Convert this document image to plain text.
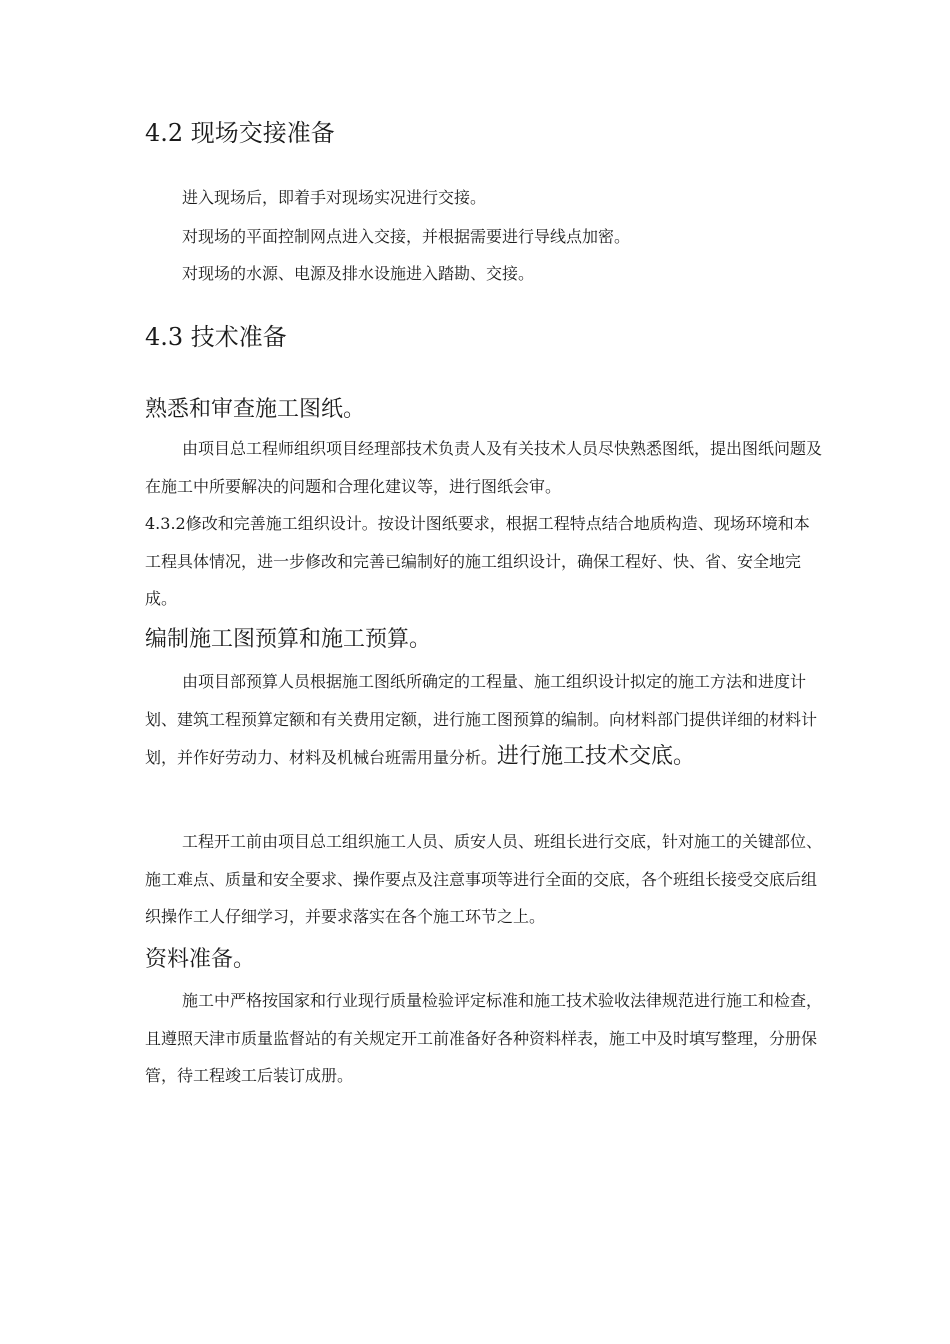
4.2 现场交接准备
进入现场后，即着手对现场实况进行交接。
对现场的平面控制网点进入交接，并根据需要进行导线点加密。
对现场的水源、电源及排水设施进入踏勘、交接。
4.3 技术准备
熟悉和审查施工图纸。
由项目总工程师组织项目经理部技术负责人及有关技术人员尽快熟悉图纸，提出图纸问题及在施工中所要解决的问题和合理化建议等，进行图纸会审。
4.3.2修改和完善施工组织设计。按设计图纸要求，根据工程特点结合地质构造、现场环境和本工程具体情况，进一步修改和完善已编制好的施工组织设计，确保工程好、快、省、安全地完成。
编制施工图预算和施工预算。
由项目部预算人员根据施工图纸所确定的工程量、施工组织设计拟定的施工方法和进度计划、建筑工程预算定额和有关费用定额，进行施工图预算的编制。向材料部门提供详细的材料计划，并作好劳动力、材料及机械台班需用量分析。进行施工技术交底。
工程开工前由项目总工组织施工人员、质安人员、班组长进行交底，针对施工的关键部位、施工难点、质量和安全要求、操作要点及注意事项等进行全面的交底，各个班组长接受交底后组织操作工人仔细学习，并要求落实在各个施工环节之上。
资料准备。
施工中严格按国家和行业现行质量检验评定标准和施工技术验收法律规范进行施工和检查，且遵照天津市质量监督站的有关规定开工前准备好各种资料样表，施工中及时填写整理，分册保管，待工程竣工后装订成册。
